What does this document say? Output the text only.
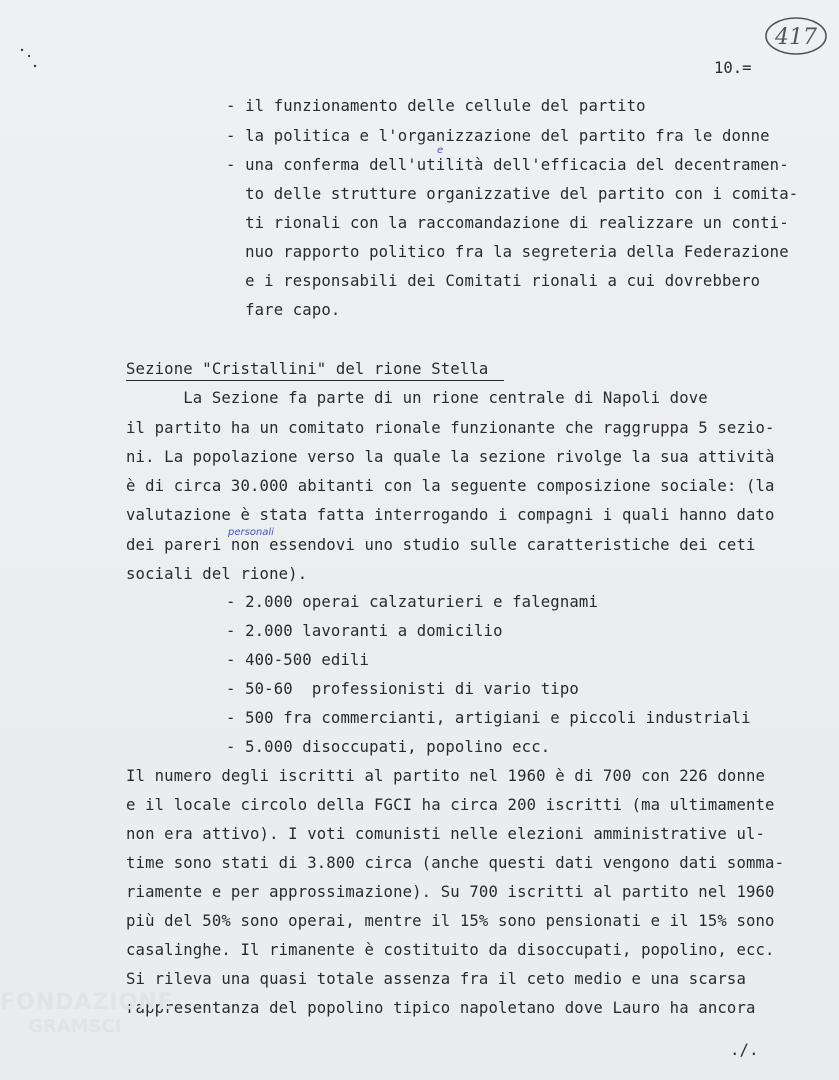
417
10.=
- il funzionamento delle cellule del partito
- la politica e l'organizzazione del partito fra le donne
- una conferma dell'utilità dell'efficacia del decentramen-
to delle strutture organizzative del partito con i comita-
ti rionali con la raccomandazione di realizzare un conti-
nuo rapporto politico fra la segreteria della Federazione
e i responsabili dei Comitati rionali a cui dovrebbero
fare capo.
e
Sezione "Cristallini" del rione Stella
La Sezione fa parte di un rione centrale di Napoli dove
il partito ha un comitato rionale funzionante che raggruppa 5 sezio-
ni. La popolazione verso la quale la sezione rivolge la sua attività
è di circa 30.000 abitanti con la seguente composizione sociale: (la
valutazione è stata fatta interrogando i compagni i quali hanno dato
dei pareri non essendovi uno studio sulle caratteristiche dei ceti
sociali del rione).
personali
- 2.000 operai calzaturieri e falegnami
- 2.000 lavoranti a domicilio
- 400-500 edili
- 50-60  professionisti di vario tipo
- 500 fra commercianti, artigiani e piccoli industriali
- 5.000 disoccupati, popolino ecc.
Il numero degli iscritti al partito nel 1960 è di 700 con 226 donne
e il locale circolo della FGCI ha circa 200 iscritti (ma ultimamente
non era attivo). I voti comunisti nelle elezioni amministrative ul-
time sono stati di 3.800 circa (anche questi dati vengono dati somma-
riamente e per approssimazione). Su 700 iscritti al partito nel 1960
più del 50% sono operai, mentre il 15% sono pensionati e il 15% sono
casalinghe. Il rimanente è costituito da disoccupati, popolino, ecc.
Si rileva una quasi totale assenza fra il ceto medio e una scarsa
rappresentanza del popolino tipico napoletano dove Lauro ha ancora
./.
FONDAZIONE
GRAMSCI
